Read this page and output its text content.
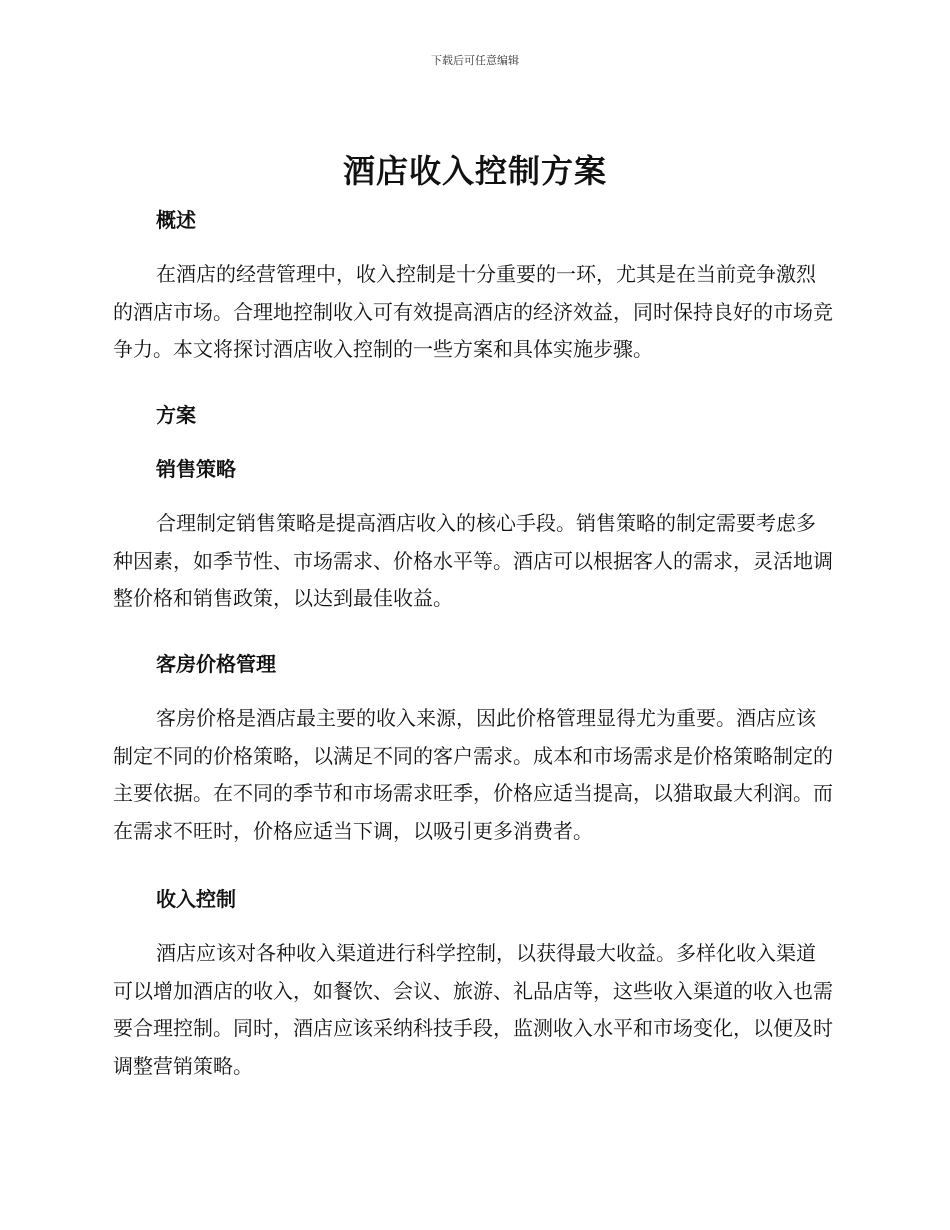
下载后可任意编辑
酒店收入控制方案
概述

在酒店的经营管理中，收入控制是十分重要的一环，尤其是在当前竞争激烈的酒店市场。合理地控制收入可有效提高酒店的经济效益，同时保持良好的市场竞争力。本文将探讨酒店收入控制的一些方案和具体实施步骤。

方案
销售策略

合理制定销售策略是提高酒店收入的核心手段。销售策略的制定需要考虑多种因素，如季节性、市场需求、价格水平等。酒店可以根据客人的需求，灵活地调整价格和销售政策，以达到最佳收益。

客房价格管理

客房价格是酒店最主要的收入来源，因此价格管理显得尤为重要。酒店应该制定不同的价格策略，以满足不同的客户需求。成本和市场需求是价格策略制定的主要依据。在不同的季节和市场需求旺季，价格应适当提高，以猎取最大利润。而在需求不旺时，价格应适当下调，以吸引更多消费者。

收入控制

酒店应该对各种收入渠道进行科学控制，以获得最大收益。多样化收入渠道可以增加酒店的收入，如餐饮、会议、旅游、礼品店等，这些收入渠道的收入也需要合理控制。同时，酒店应该采纳科技手段，监测收入水平和市场变化，以便及时调整营销策略。
